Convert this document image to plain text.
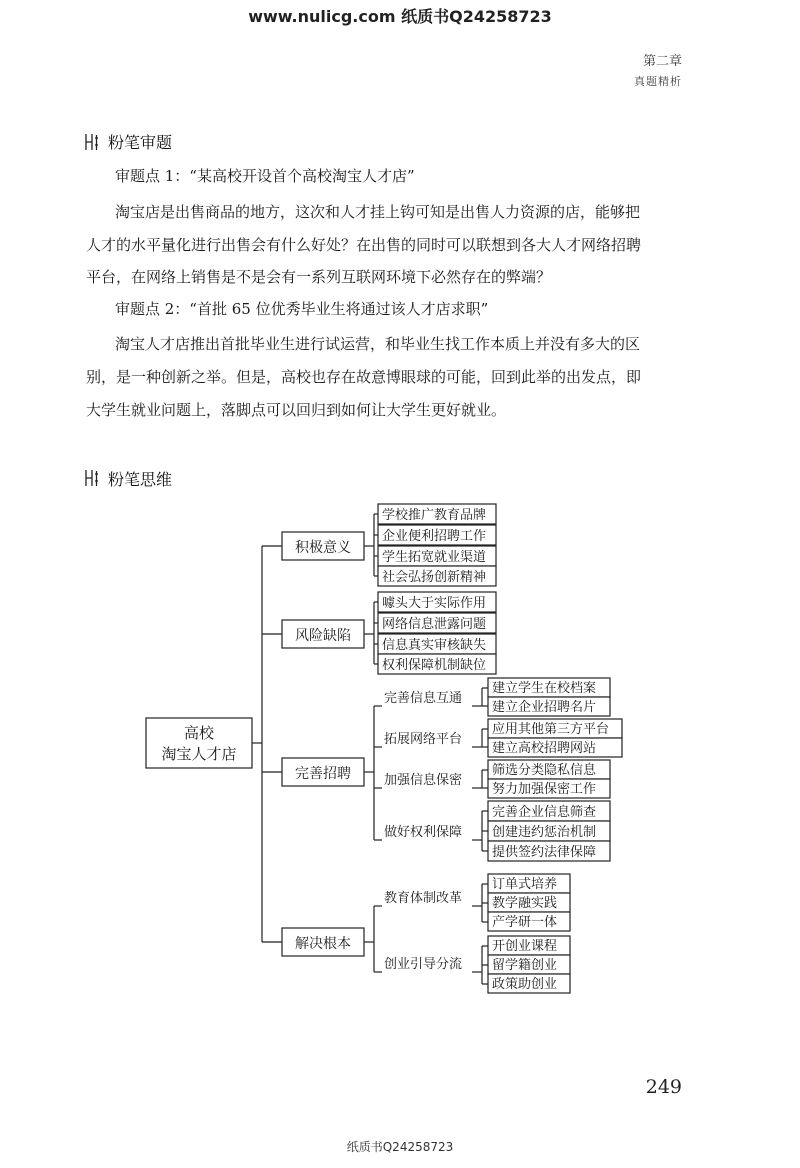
www.nulicg.com 纸质书Q24258723
第二章
真题精析
粉笔审题
审题点 1：“某高校开设首个高校淘宝人才店”
淘宝店是出售商品的地方，这次和人才挂上钩可知是出售人力资源的店，能够把
人才的水平量化进行出售会有什么好处？在出售的同时可以联想到各大人才网络招聘
平台，在网络上销售是不是会有一系列互联网环境下必然存在的弊端？
审题点 2：“首批 65 位优秀毕业生将通过该人才店求职”
淘宝人才店推出首批毕业生进行试运营，和毕业生找工作本质上并没有多大的区
别，是一种创新之举。但是，高校也存在故意博眼球的可能，回到此举的出发点，即
大学生就业问题上，落脚点可以回归到如何让大学生更好就业。
粉笔思维
高校
淘宝人才店
积极意义
学校推广教育品牌
企业便利招聘工作
学生拓宽就业渠道
社会弘扬创新精神
风险缺陷
噱头大于实际作用
网络信息泄露问题
信息真实审核缺失
权利保障机制缺位
完善招聘
完善信息互通
拓展网络平台
加强信息保密
做好权利保障
建立学生在校档案
建立企业招聘名片
应用其他第三方平台
建立高校招聘网站
筛选分类隐私信息
努力加强保密工作
完善企业信息筛查
创建违约惩治机制
提供签约法律保障
解决根本
教育体制改革
创业引导分流
订单式培养
教学融实践
产学研一体
开创业课程
留学籍创业
政策助创业
249
纸质书Q24258723
